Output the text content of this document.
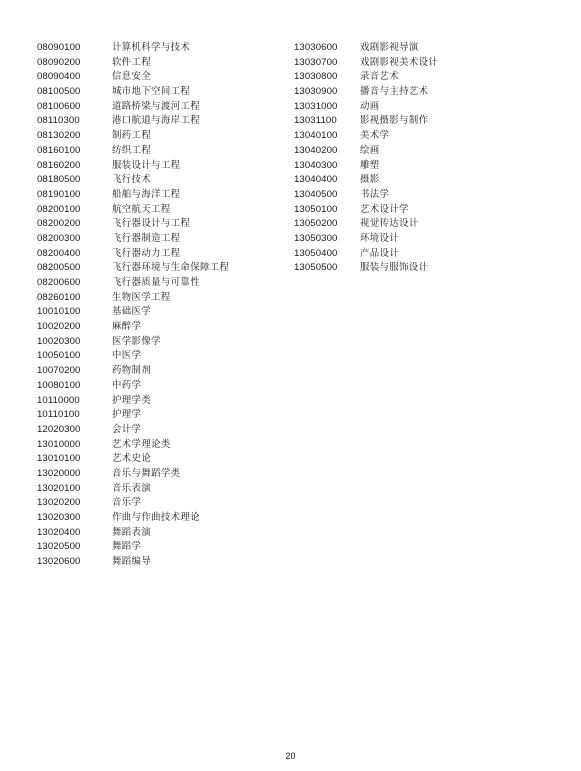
08090100	计算机科学与技术
08090200	软件工程
08090400	信息安全
08100500	城市地下空间工程
08100600	道路桥梁与渡河工程
08110300	港口航道与海岸工程
08130200	制药工程
08160100	纺织工程
08160200	服装设计与工程
08180500	飞行技术
08190100	船舶与海洋工程
08200100	航空航天工程
08200200	飞行器设计与工程
08200300	飞行器制造工程
08200400	飞行器动力工程
08200500	飞行器环境与生命保障工程
08200600	飞行器质量与可靠性
08260100	生物医学工程
10010100	基础医学
10020200	麻醉学
10020300	医学影像学
10050100	中医学
10070200	药物制剂
10080100	中药学
10110000	护理学类
10110100	护理学
12020300	会计学
13010000	艺术学理论类
13010100	艺术史论
13020000	音乐与舞蹈学类
13020100	音乐表演
13020200	音乐学
13020300	作曲与作曲技术理论
13020400	舞蹈表演
13020500	舞蹈学
13020600	舞蹈编导
13030600	戏剧影视导演
13030700	戏剧影视美术设计
13030800	录音艺术
13030900	播音与主持艺术
13031000	动画
13031100	影视摄影与制作
13040100	美术学
13040200	绘画
13040300	雕塑
13040400	摄影
13040500	书法学
13050100	艺术设计学
13050200	视觉传达设计
13050300	环境设计
13050400	产品设计
13050500	服装与服饰设计
20
